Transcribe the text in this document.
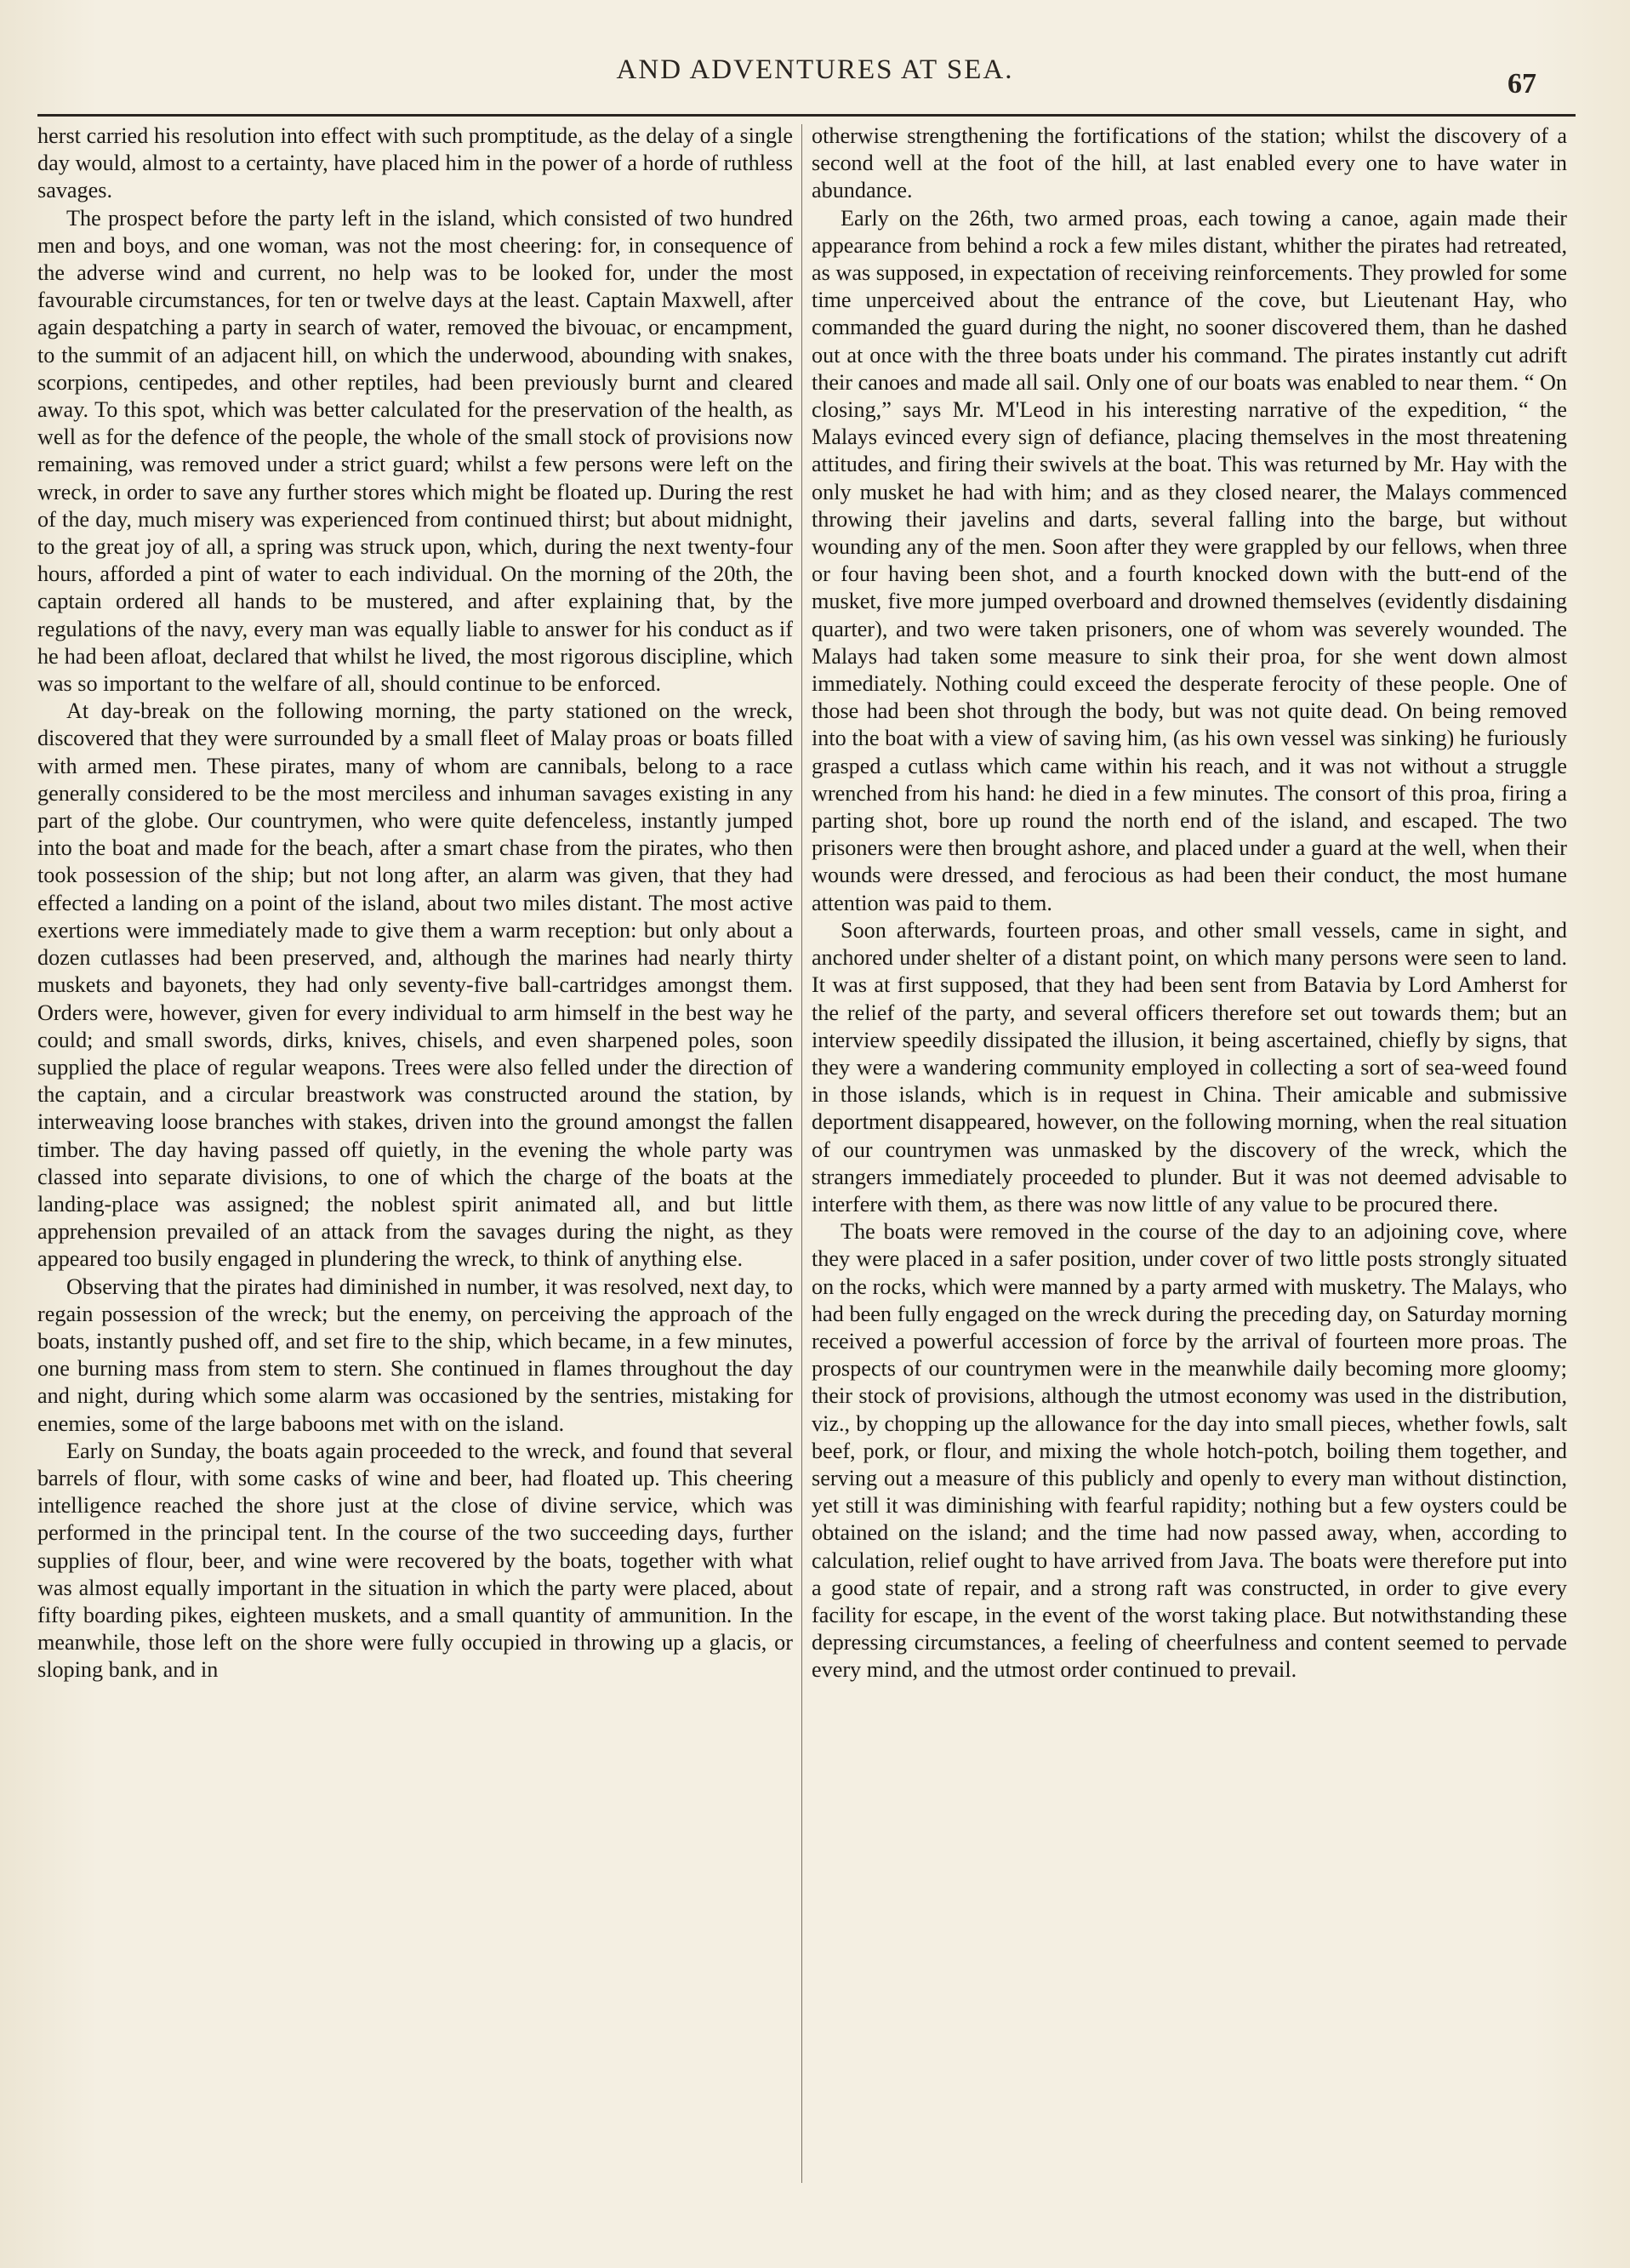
AND ADVENTURES AT SEA.	67

herst carried his resolution into effect with such promptitude, as the delay of a single day would, almost to a certainty, have placed him in the power of a horde of ruthless savages.

The prospect before the party left in the island, which consisted of two hundred men and boys, and one woman, was not the most cheering: for, in consequence of the adverse wind and current, no help was to be looked for, under the most favourable circumstances, for ten or twelve days at the least. Captain Maxwell, after again despatching a party in search of water, removed the bivouac, or encampment, to the summit of an adjacent hill, on which the underwood, abounding with snakes, scorpions, centipedes, and other reptiles, had been previously burnt and cleared away. To this spot, which was better calculated for the preservation of the health, as well as for the defence of the people, the whole of the small stock of provisions now remaining, was removed under a strict guard; whilst a few persons were left on the wreck, in order to save any further stores which might be floated up. During the rest of the day, much misery was experienced from continued thirst; but about midnight, to the great joy of all, a spring was struck upon, which, during the next twenty-four hours, afforded a pint of water to each individual. On the morning of the 20th, the captain ordered all hands to be mustered, and after explaining that, by the regulations of the navy, every man was equally liable to answer for his conduct as if he had been afloat, declared that whilst he lived, the most rigorous discipline, which was so important to the welfare of all, should continue to be enforced.

At day-break on the following morning, the party stationed on the wreck, discovered that they were surrounded by a small fleet of Malay proas or boats filled with armed men. These pirates, many of whom are cannibals, belong to a race generally considered to be the most merciless and inhuman savages existing in any part of the globe. Our countrymen, who were quite defenceless, instantly jumped into the boat and made for the beach, after a smart chase from the pirates, who then took possession of the ship; but not long after, an alarm was given, that they had effected a landing on a point of the island, about two miles distant. The most active exertions were immediately made to give them a warm reception: but only about a dozen cutlasses had been preserved, and, although the marines had nearly thirty muskets and bayonets, they had only seventy-five ball-cartridges amongst them. Orders were, however, given for every individual to arm himself in the best way he could; and small swords, dirks, knives, chisels, and even sharpened poles, soon supplied the place of regular weapons. Trees were also felled under the direction of the captain, and a circular breastwork was constructed around the station, by interweaving loose branches with stakes, driven into the ground amongst the fallen timber. The day having passed off quietly, in the evening the whole party was classed into separate divisions, to one of which the charge of the boats at the landing-place was assigned; the noblest spirit animated all, and but little apprehension prevailed of an attack from the savages during the night, as they appeared too busily engaged in plundering the wreck, to think of anything else.

Observing that the pirates had diminished in number, it was resolved, next day, to regain possession of the wreck; but the enemy, on perceiving the approach of the boats, instantly pushed off, and set fire to the ship, which became, in a few minutes, one burning mass from stem to stern. She continued in flames throughout the day and night, during which some alarm was occasioned by the sentries, mistaking for enemies, some of the large baboons met with on the island.

Early on Sunday, the boats again proceeded to the wreck, and found that several barrels of flour, with some casks of wine and beer, had floated up. This cheering intelligence reached the shore just at the close of divine service, which was performed in the principal tent. In the course of the two succeeding days, further supplies of flour, beer, and wine were recovered by the boats, together with what was almost equally important in the situation in which the party were placed, about fifty boarding pikes, eighteen muskets, and a small quantity of ammunition. In the meanwhile, those left on the shore were fully occupied in throwing up a glacis, or sloping bank, and in

otherwise strengthening the fortifications of the station; whilst the discovery of a second well at the foot of the hill, at last enabled every one to have water in abundance.

Early on the 26th, two armed proas, each towing a canoe, again made their appearance from behind a rock a few miles distant, whither the pirates had retreated, as was supposed, in expectation of receiving reinforcements. They prowled for some time unperceived about the entrance of the cove, but Lieutenant Hay, who commanded the guard during the night, no sooner discovered them, than he dashed out at once with the three boats under his command. The pirates instantly cut adrift their canoes and made all sail. Only one of our boats was enabled to near them. “ On closing,” says Mr. M'Leod in his interesting narrative of the expedition, “ the Malays evinced every sign of defiance, placing themselves in the most threatening attitudes, and firing their swivels at the boat. This was returned by Mr. Hay with the only musket he had with him; and as they closed nearer, the Malays commenced throwing their javelins and darts, several falling into the barge, but without wounding any of the men. Soon after they were grappled by our fellows, when three or four having been shot, and a fourth knocked down with the butt-end of the musket, five more jumped overboard and drowned themselves (evidently disdaining quarter), and two were taken prisoners, one of whom was severely wounded. The Malays had taken some measure to sink their proa, for she went down almost immediately. Nothing could exceed the desperate ferocity of these people. One of those had been shot through the body, but was not quite dead. On being removed into the boat with a view of saving him, (as his own vessel was sinking) he furiously grasped a cutlass which came within his reach, and it was not without a struggle wrenched from his hand: he died in a few minutes. The consort of this proa, firing a parting shot, bore up round the north end of the island, and escaped. The two prisoners were then brought ashore, and placed under a guard at the well, when their wounds were dressed, and ferocious as had been their conduct, the most humane attention was paid to them.

Soon afterwards, fourteen proas, and other small vessels, came in sight, and anchored under shelter of a distant point, on which many persons were seen to land. It was at first supposed, that they had been sent from Batavia by Lord Amherst for the relief of the party, and several officers therefore set out towards them; but an interview speedily dissipated the illusion, it being ascertained, chiefly by signs, that they were a wandering community employed in collecting a sort of sea-weed found in those islands, which is in request in China. Their amicable and submissive deportment disappeared, however, on the following morning, when the real situation of our countrymen was unmasked by the discovery of the wreck, which the strangers immediately proceeded to plunder. But it was not deemed advisable to interfere with them, as there was now little of any value to be procured there.

The boats were removed in the course of the day to an adjoining cove, where they were placed in a safer position, under cover of two little posts strongly situated on the rocks, which were manned by a party armed with musketry. The Malays, who had been fully engaged on the wreck during the preceding day, on Saturday morning received a powerful accession of force by the arrival of fourteen more proas. The prospects of our countrymen were in the meanwhile daily becoming more gloomy; their stock of provisions, although the utmost economy was used in the distribution, viz., by chopping up the allowance for the day into small pieces, whether fowls, salt beef, pork, or flour, and mixing the whole hotch-potch, boiling them together, and serving out a measure of this publicly and openly to every man without distinction, yet still it was diminishing with fearful rapidity; nothing but a few oysters could be obtained on the island; and the time had now passed away, when, according to calculation, relief ought to have arrived from Java. The boats were therefore put into a good state of repair, and a strong raft was constructed, in order to give every facility for escape, in the event of the worst taking place. But notwithstanding these depressing circumstances, a feeling of cheerfulness and content seemed to pervade every mind, and the utmost order continued to prevail.
